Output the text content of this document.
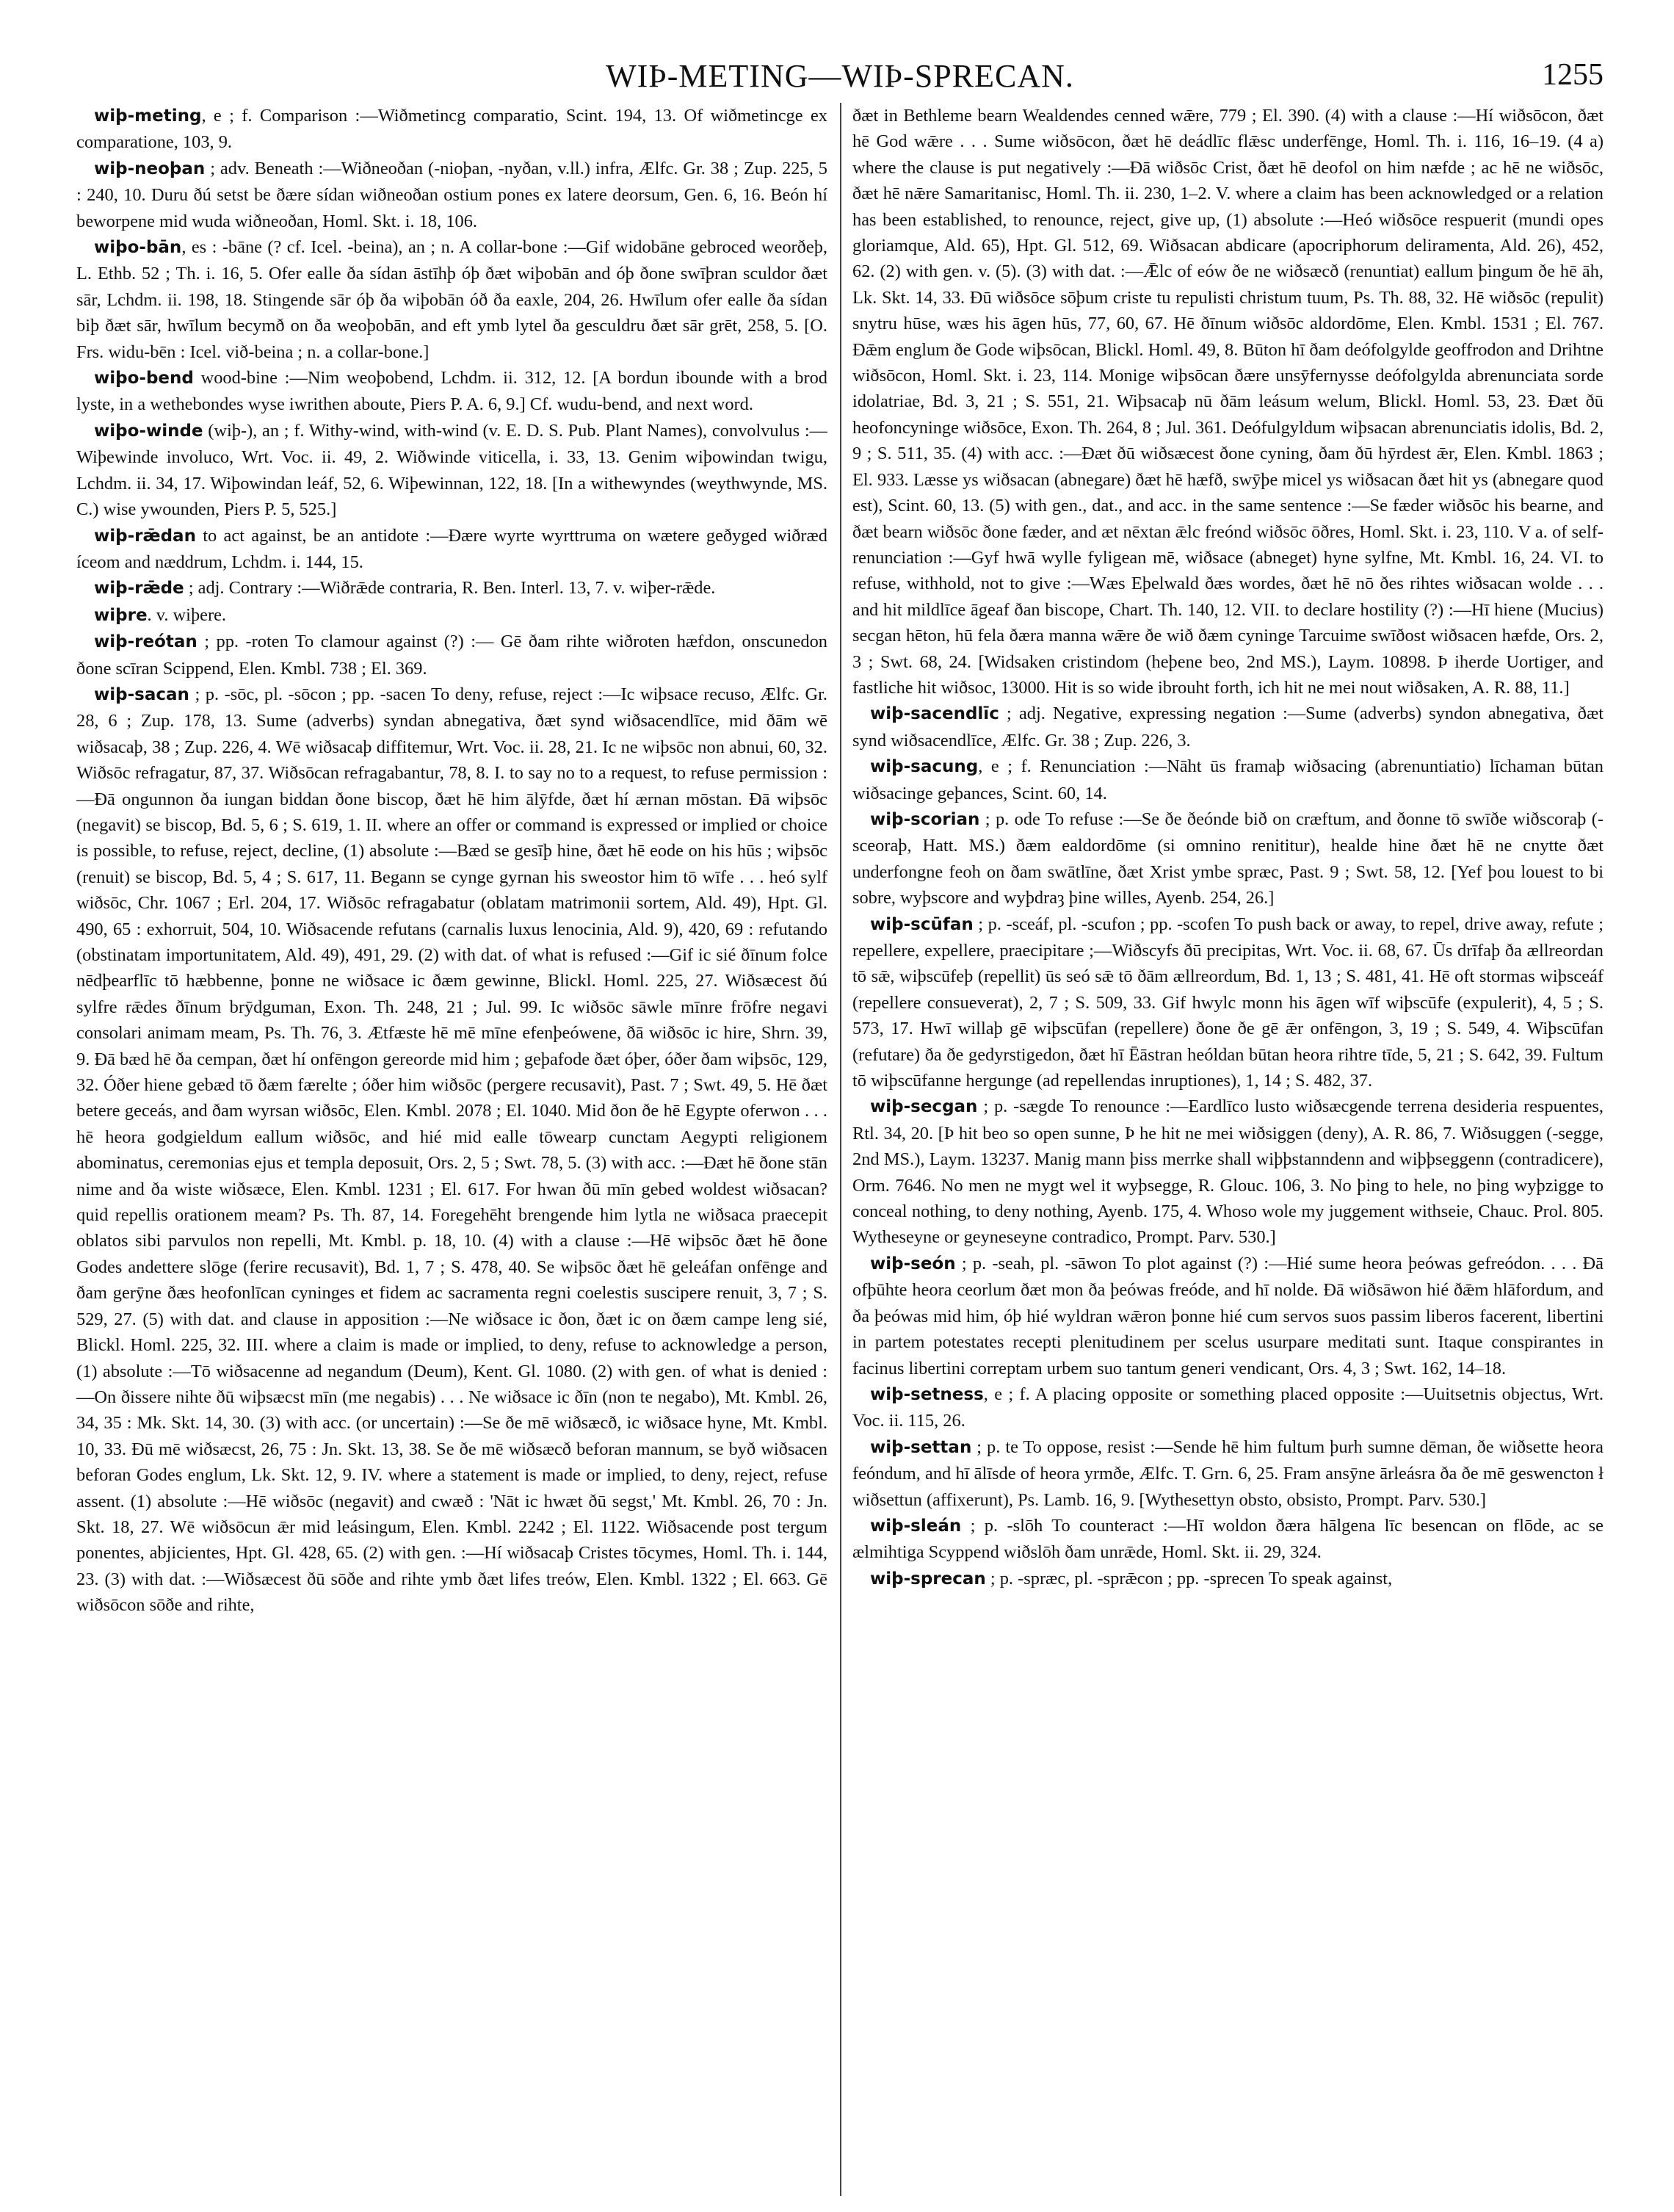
WIÞ-METING—WIÞ-SPRECAN.	1255

wiþ-meting, e ; f. Comparison :—Wiðmetincg comparatio, Scint. 194, 13. Of wiðmetincge ex comparatione, 103, 9.

wiþ-neoþan ; adv. Beneath :—Wiðneoðan (-nioþan, -nyðan, v.ll.) infra, Ælfc. Gr. 38 ; Zup. 225, 5 : 240, 10. Duru ðú setst be ðære sídan wiðneoðan ostium pones ex latere deorsum, Gen. 6, 16. Beón hí beworpene mid wuda wiðneoðan, Homl. Skt. i. 18, 106.

wiþo-bān, es : -bāne (? cf. Icel. -beina), an ; n. A collar-bone :—Gif widobāne gebroced weorðeþ, L. Ethb. 52 ; Th. i. 16, 5. Ofer ealle ða sídan āstīhþ óþ ðæt wiþobān and óþ ðone swīþran sculdor ðæt sār, Lchdm. ii. 198, 18. Stingende sār óþ ða wiþobān óð ða eaxle, 204, 26. Hwīlum ofer ealle ða sídan biþ ðæt sār, hwīlum becymð on ða weoþobān, and eft ymb lytel ða gesculdru ðæt sār grēt, 258, 5. [O. Frs. widu-bēn : Icel. við-beina ; n. a collar-bone.]

wiþo-bend wood-bine :—Nim weoþobend, Lchdm. ii. 312, 12. [A bordun iboundе with a brod lyste, in a wethebondes wyse iwrithen aboute, Piers P. A. 6, 9.] Cf. wudu-bend, and next word.

wiþo-winde (wiþ-), an ; f. Withy-wind, with-wind (v. E. D. S. Pub. Plant Names), convolvulus :—Wiþewinde involuco, Wrt. Voc. ii. 49, 2. Wiðwinde viticella, i. 33, 13. Genim wiþowindan twigu, Lchdm. ii. 34, 17. Wiþowindan leáf, 52, 6. Wiþewinnan, 122, 18. [In a withewyndes (weythwynde, MS. C.) wise ywounden, Piers P. 5, 525.]

wiþ-rǣdan to act against, be an antidote :—Ðære wyrte wyrttruma on wætere geðyged wiðræd íceom and næddrum, Lchdm. i. 144, 15.

wiþ-rǣde ; adj. Contrary :—Wiðrǣde contraria, R. Ben. Interl. 13, 7. v. wiþer-rǣde.

wiþre. v. wiþere.

wiþ-reótan ; pp. -roten To clamour against (?) :— Gē ðam rihte wiðroten hæfdon, onscunedon ðone scīran Scippend, Elen. Kmbl. 738 ; El. 369.

wiþ-sacan ; p. -sōc, pl. -sōcon ; pp. -sacen To deny, refuse, reject :—Ic wiþsace recuso, Ælfc. Gr. 28, 6 ; Zup. 178, 13. Sume (adverbs) syndan abnegativa, ðæt synd wiðsacendlīce, mid ðām wē wiðsacaþ, 38 ; Zup. 226, 4. Wē wiðsacaþ diffitemur, Wrt. Voc. ii. 28, 21. Ic ne wiþsōc non abnui, 60, 32. Wiðsōc refragatur, 87, 37. Wiðsōcan refragabantur, 78, 8. I. to say no to a request, to refuse permission :—Ðā ongunnon ða iungan biddan ðone biscop, ðæt hē him ālȳfde, ðæt hí ærnan mōstan. Ðā wiþsōc (negavit) se biscop, Bd. 5, 6 ; S. 619, 1. II. where an offer or command is expressed or implied or choice is possible, to refuse, reject, decline, (1) absolute :—Bæd se gesīþ hine, ðæt hē eode on his hūs ; wiþsōc (renuit) se biscop, Bd. 5, 4 ; S. 617, 11. Begann se cynge gyrnan his sweostor him tō wīfe . . . heó sylf wiðsōc, Chr. 1067 ; Erl. 204, 17. Wiðsōc refragabatur (oblatam matrimonii sortem, Ald. 49), Hpt. Gl. 490, 65 : exhorruit, 504, 10. Wiðsacende refutans (carnalis luxus lenocinia, Ald. 9), 420, 69 : refutando (obstinatam importunitatem, Ald. 49), 491, 29. (2) with dat. of what is refused :—Gif ic sié ðīnum folce nēdþearflīc tō hæbbenne, þonne ne wiðsace ic ðæm gewinne, Blickl. Homl. 225, 27. Wiðsæcest ðú sylfre rǣdes ðīnum brȳdguman, Exon. Th. 248, 21 ; Jul. 99. Ic wiðsōc sāwle mīnre frōfre negavi consolari animam meam, Ps. Th. 76, 3. Ætfæste hē mē mīne efenþeówene, ðā wiðsōc ic hire, Shrn. 39, 9. Ðā bæd hē ða cempan, ðæt hí onfēngon gereorde mid him ; geþafode ðæt óþer, óðer ðam wiþsōc, 129, 32. Óðer hiene gebæd tō ðæm færelte ; óðer him wiðsōc (pergere recusavit), Past. 7 ; Swt. 49, 5. Hē ðæt betere geceás, and ðam wyrsan wiðsōc, Elen. Kmbl. 2078 ; El. 1040. Mid ðon ðe hē Egypte oferwon . . . hē heora godgieldum eallum wiðsōc, and hié mid ealle tōwearp cunctam Aegypti religionem abominatus, ceremonias ejus et templa deposuit, Ors. 2, 5 ; Swt. 78, 5. (3) with acc. :—Ðæt hē ðone stān nime and ða wiste wiðsæce, Elen. Kmbl. 1231 ; El. 617. For hwan ðū mīn gebed woldest wiðsacan? quid repellis orationem meam? Ps. Th. 87, 14. Foregehēht brengende him lytla ne wiðsaca praecepit oblatos sibi parvulos non repelli, Mt. Kmbl. p. 18, 10. (4) with a clause :—Hē wiþsōc ðæt hē ðone Godes andettere slōge (ferire recusavit), Bd. 1, 7 ; S. 478, 40. Se wiþsōc ðæt hē geleáfan onfēnge and ðam gerȳne ðæs heofonlīcan cyninges et fidem ac sacramenta regni coelestis suscipere renuit, 3, 7 ; S. 529, 27. (5) with dat. and clause in apposition :—Ne wiðsace ic ðon, ðæt ic on ðæm campe leng sié, Blickl. Homl. 225, 32. III. where a claim is made or implied, to deny, refuse to acknowledge a person, (1) absolute :—Tō wiðsacenne ad negandum (Deum), Kent. Gl. 1080. (2) with gen. of what is denied :—On ðissere nihte ðū wiþsæcst mīn (me negabis) . . . Ne wiðsace ic ðīn (non te negabo), Mt. Kmbl. 26, 34, 35 : Mk. Skt. 14, 30. (3) with acc. (or uncertain) :—Se ðe mē wiðsæcð, ic wiðsace hyne, Mt. Kmbl. 10, 33. Ðū mē wiðsæcst, 26, 75 : Jn. Skt. 13, 38. Se ðe mē wiðsæcð beforan mannum, se byð wiðsacen beforan Godes englum, Lk. Skt. 12, 9. IV. where a statement is made or implied, to deny, reject, refuse assent. (1) absolute :—Hē wiðsōc (negavit) and cwæð : 'Nāt ic hwæt ðū segst,' Mt. Kmbl. 26, 70 : Jn. Skt. 18, 27. Wē wiðsōcun ǣr mid leásingum, Elen. Kmbl. 2242 ; El. 1122. Wiðsacende post tergum ponentes, abjicientes, Hpt. Gl. 428, 65. (2) with gen. :—Hí wiðsacaþ Cristes tōcymes, Homl. Th. i. 144, 23. (3) with dat. :—Wiðsæcest ðū sōðe and rihte ymb ðæt lifes treów, Elen. Kmbl. 1322 ; El. 663. Gē wiðsōcon sōðe and rihte,

ðæt in Bethleme bearn Wealdendes cenned wǣre, 779 ; El. 390. (4) with a clause :—Hí wiðsōcon, ðæt hē God wǣre . . . Sume wiðsōcon, ðæt hē deádlīc flǣsc underfēnge, Homl. Th. i. 116, 16–19. (4 a) where the clause is put negatively :—Ðā wiðsōc Crist, ðæt hē deofol on him næfde ; ac hē ne wiðsōc, ðæt hē nǣre Samaritanisc, Homl. Th. ii. 230, 1–2. V. where a claim has been acknowledged or a relation has been established, to renounce, reject, give up, (1) absolute :—Heó wiðsōce respuerit (mundi opes gloriamque, Ald. 65), Hpt. Gl. 512, 69. Wiðsacan abdicare (apocriphorum deliramenta, Ald. 26), 452, 62. (2) with gen. v. (5). (3) with dat. :—Ǣlc of eów ðe ne wiðsæcð (renuntiat) eallum þingum ðe hē āh, Lk. Skt. 14, 33. Ðū wiðsōce sōþum criste tu repulisti christum tuum, Ps. Th. 88, 32. Hē wiðsōc (repulit) snytru hūse, wæs his āgen hūs, 77, 60, 67. Hē ðīnum wiðsōc aldordōme, Elen. Kmbl. 1531 ; El. 767. Ðǣm englum ðe Gode wiþsōcan, Blickl. Homl. 49, 8. Būton hī ðam deófolgylde geoffrodon and Drihtne wiðsōcon, Homl. Skt. i. 23, 114. Monige wiþsōcan ðære unsȳfernysse deófolgylda abrenunciata sorde idolatriae, Bd. 3, 21 ; S. 551, 21. Wiþsacaþ nū ðām leásum welum, Blickl. Homl. 53, 23. Ðæt ðū heofoncyninge wiðsōce, Exon. Th. 264, 8 ; Jul. 361. Deófulgyldum wiþsacan abrenunciatis idolis, Bd. 2, 9 ; S. 511, 35. (4) with acc. :—Ðæt ðū wiðsæcest ðone cyning, ðam ðū hȳrdest ǣr, Elen. Kmbl. 1863 ; El. 933. Læsse ys wiðsacan (abnegare) ðæt hē hæfð, swȳþe micel ys wiðsacan ðæt hit ys (abnegare quod est), Scint. 60, 13. (5) with gen., dat., and acc. in the same sentence :—Se fæder wiðsōc his bearne, and ðæt bearn wiðsōc ðone fæder, and æt nēxtan ǣlc freónd wiðsōc ōðres, Homl. Skt. i. 23, 110. V a. of self-renunciation :—Gyf hwā wylle fyligean mē, wiðsace (abneget) hyne sylfne, Mt. Kmbl. 16, 24. VI. to refuse, withhold, not to give :—Wæs Eþelwald ðæs wordes, ðæt hē nō ðes rihtes wiðsacan wolde . . . and hit mildlīce āgeaf ðan biscope, Chart. Th. 140, 12. VII. to declare hostility (?) :—Hī hiene (Mucius) secgan hēton, hū fela ðæra manna wǣre ðe wið ðæm cyninge Tarcuime swīðost wiðsacen hæfde, Ors. 2, 3 ; Swt. 68, 24. [Widsaken cristindom (heþene beo, 2nd MS.), Laym. 10898. Þ iherde Uortiger, and fastliche hit wiðsoc, 13000. Hit is so wide ibrouht forth, ich hit ne mei nout wiðsaken, A. R. 88, 11.]

wiþ-sacendlīc ; adj. Negative, expressing negation :—Sume (adverbs) syndon abnegativa, ðæt synd wiðsacendlīce, Ælfc. Gr. 38 ; Zup. 226, 3.

wiþ-sacung, e ; f. Renunciation :—Nāht ūs framaþ wiðsacing (abrenuntiatio) līchaman būtan wiðsacinge geþances, Scint. 60, 14.

wiþ-scorian ; p. ode To refuse :—Se ðe ðeónde bið on cræftum, and ðonne tō swīðe wiðscoraþ (-sceoraþ, Hatt. MS.) ðæm ealdordōme (si omnino renititur), healde hine ðæt hē ne cnytte ðæt underfongne feoh on ðam swātlīne, ðæt Xrist ymbe spræc, Past. 9 ; Swt. 58, 12. [Yef þou louest to bi sobre, wyþscore and wyþdraȝ þine willes, Ayenb. 254, 26.]

wiþ-scūfan ; p. -sceáf, pl. -scufon ; pp. -scofen To push back or away, to repel, drive away, refute ; repellere, expellere, praecipitare ;—Wiðscyfs ðū precipitas, Wrt. Voc. ii. 68, 67. Ūs drīfaþ ða ællreordan tō sǣ, wiþscūfeþ (repellit) ūs seó sǣ tō ðām ællreordum, Bd. 1, 13 ; S. 481, 41. Hē oft stormas wiþsceáf (repellere consueverat), 2, 7 ; S. 509, 33. Gif hwylc monn his āgen wīf wiþscūfe (expulerit), 4, 5 ; S. 573, 17. Hwī willaþ gē wiþscūfan (repellere) ðone ðe gē ǣr onfēngon, 3, 19 ; S. 549, 4. Wiþscūfan (refutare) ða ðe gedyrstigedon, ðæt hī Ēāstran heóldan būtan heora rihtre tīde, 5, 21 ; S. 642, 39. Fultum tō wiþscūfanne hergunge (ad repellendas inruptiones), 1, 14 ; S. 482, 37.

wiþ-secgan ; p. -sægde To renounce :—Eardlīco lusto wiðsæcgende terrena desideria respuentes, Rtl. 34, 20. [Þ hit beo so open sunne, Þ he hit ne mei wiðsiggen (deny), A. R. 86, 7. Wiðsuggen (-segge, 2nd MS.), Laym. 13237. Manig mann þiss merrke shall wiþþstanndenn and wiþþseggenn (contradicere), Orm. 7646. No men ne mygt wel it wyþsegge, R. Glouc. 106, 3. No þing to hele, no þing wyþzigge to conceal nothing, to deny nothing, Ayenb. 175, 4. Whoso wole my juggement withseie, Chauc. Prol. 805. Wytheseyne or geyneseyne contradico, Prompt. Parv. 530.]

wiþ-seón ; p. -seah, pl. -sāwon To plot against (?) :—Hié sume heora þeówas gefreódon. . . . Ðā ofþūhte heora ceorlum ðæt mon ða þeówas freóde, and hī nolde. Ðā wiðsāwon hié ðǣm hlāfordum, and ða þeówas mid him, óþ hié wyldran wǣron þonne hié cum servos suos passim liberos facerent, libertini in partem potestates recepti plenitudinem per scelus usurpare meditati sunt. Itaque conspirantes in facinus libertini correptam urbem suo tantum generi vendicant, Ors. 4, 3 ; Swt. 162, 14–18.

wiþ-setness, e ; f. A placing opposite or something placed opposite :—Uuitsetnis objectus, Wrt. Voc. ii. 115, 26.

wiþ-settan ; p. te To oppose, resist :—Sende hē him fultum þurh sumne dēman, ðe wiðsette heora feóndum, and hī ālīsde of heora yrmðe, Ælfc. T. Grn. 6, 25. Fram ansȳne ārleásra ða ðe mē geswencton ł wiðsettun (affixerunt), Ps. Lamb. 16, 9. [Wythesettyn obsto, obsisto, Prompt. Parv. 530.]

wiþ-sleán ; p. -slōh To counteract :—Hī woldon ðæra hālgena līc besencan on flōde, ac se ælmihtiga Scyppend wiðslōh ðam unrǣde, Homl. Skt. ii. 29, 324.

wiþ-sprecan ; p. -spræc, pl. -sprǣcon ; pp. -sprecen To speak against,
